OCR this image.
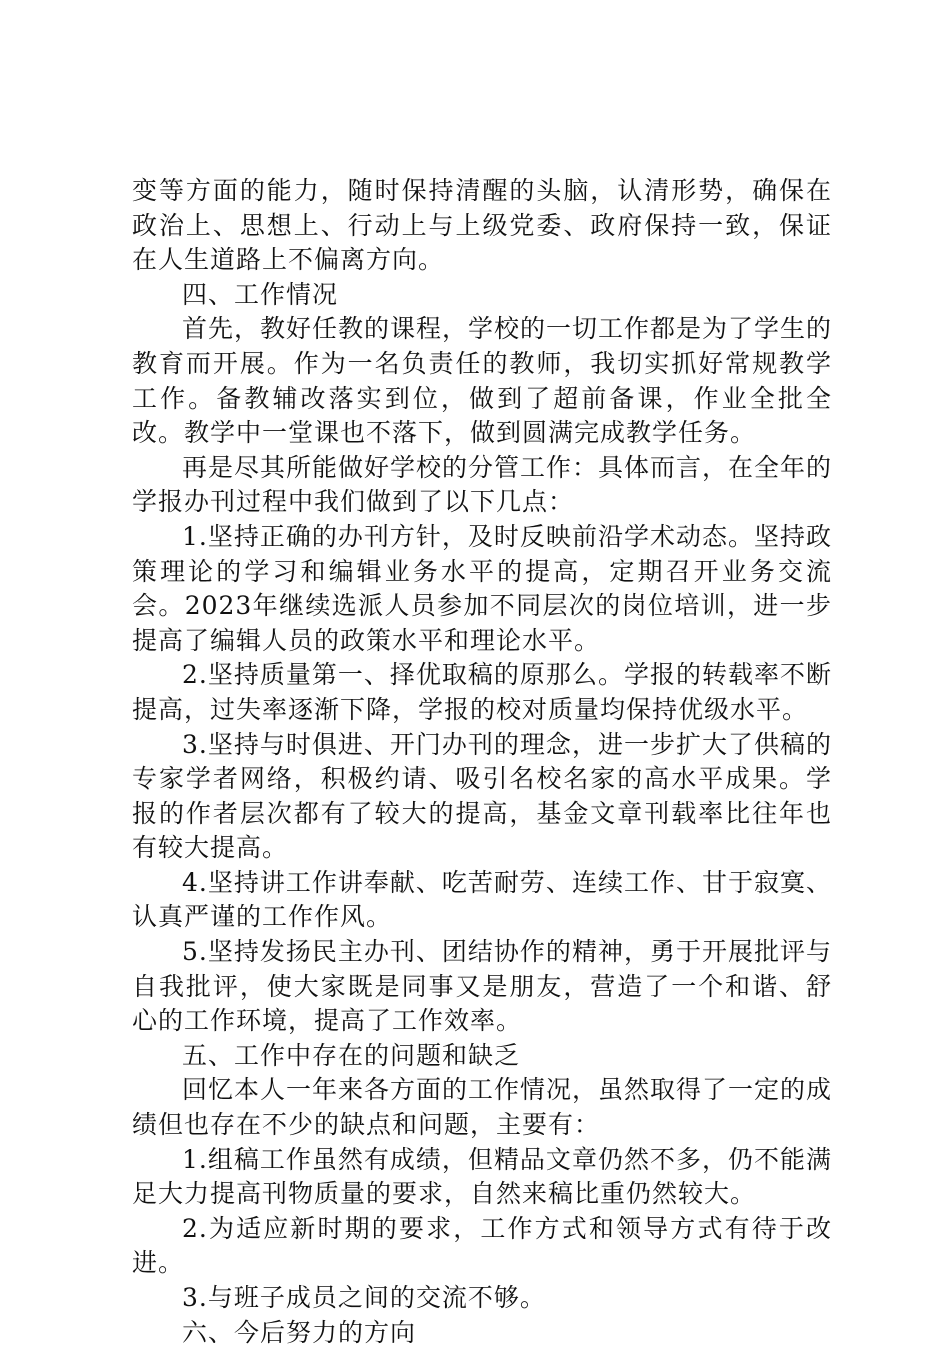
变等方面的能力，随时保持清醒的头脑，认清形势，确保在政治上、思想上、行动上与上级党委、政府保持一致，保证在人生道路上不偏离方向。

四、工作情况

首先，教好任教的课程，学校的一切工作都是为了学生的教育而开展。作为一名负责任的教师，我切实抓好常规教学工作。备教辅改落实到位，做到了超前备课，作业全批全改。教学中一堂课也不落下，做到圆满完成教学任务。

再是尽其所能做好学校的分管工作：具体而言，在全年的学报办刊过程中我们做到了以下几点：

1.坚持正确的办刊方针，及时反映前沿学术动态。坚持政策理论的学习和编辑业务水平的提高，定期召开业务交流会。2023年继续选派人员参加不同层次的岗位培训，进一步提高了编辑人员的政策水平和理论水平。

2.坚持质量第一、择优取稿的原那么。学报的转载率不断提高，过失率逐渐下降，学报的校对质量均保持优级水平。

3.坚持与时俱进、开门办刊的理念，进一步扩大了供稿的专家学者网络，积极约请、吸引名校名家的高水平成果。学报的作者层次都有了较大的提高，基金文章刊载率比往年也有较大提高。

4.坚持讲工作讲奉献、吃苦耐劳、连续工作、甘于寂寞、认真严谨的工作作风。

5.坚持发扬民主办刊、团结协作的精神，勇于开展批评与自我批评，使大家既是同事又是朋友，营造了一个和谐、舒心的工作环境，提高了工作效率。

五、工作中存在的问题和缺乏

回忆本人一年来各方面的工作情况，虽然取得了一定的成绩但也存在不少的缺点和问题，主要有：

1.组稿工作虽然有成绩，但精品文章仍然不多，仍不能满足大力提高刊物质量的要求，自然来稿比重仍然较大。

2.为适应新时期的要求，工作方式和领导方式有待于改进。

3.与班子成员之间的交流不够。

六、今后努力的方向
